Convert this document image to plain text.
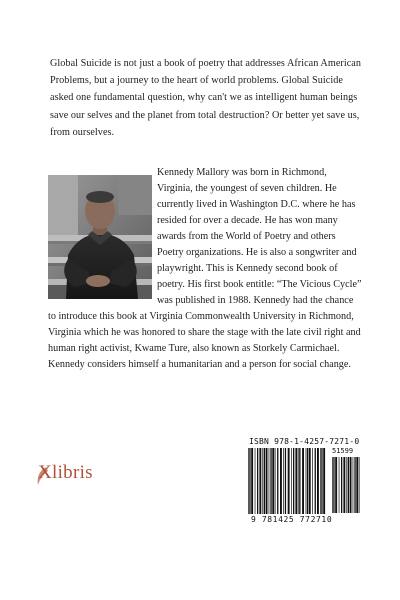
Global Suicide is not just a book of poetry that addresses African American Problems, but a journey to the heart of world problems. Global Suicide asked one fundamental question, why can't we as intelligent human beings save our selves and the planet from total destruction? Or better yet save us, from ourselves.

Kennedy Mallory was born in Richmond, Virginia, the youngest of seven children. He currently lived in Washington D.C. where he has resided for over a decade. He has won many awards from the World of Poetry and others Poetry organizations. He is also a songwriter and playwright. This is Kennedy second book of poetry. His first book entitle: “The Vicious Cycle” was published in 1988. Kennedy had the chance to introduce this book at Virginia Commonwealth University in Richmond, Virginia which he was honored to share the stage with the late civil right and human right activist, Kwame Ture, also known as Storkely Carmichael. Kennedy considers himself a humanitarian and a person for social change.

Xlibris
ISBN 978-1-4257-7271-0
51599
9 781425 772710
